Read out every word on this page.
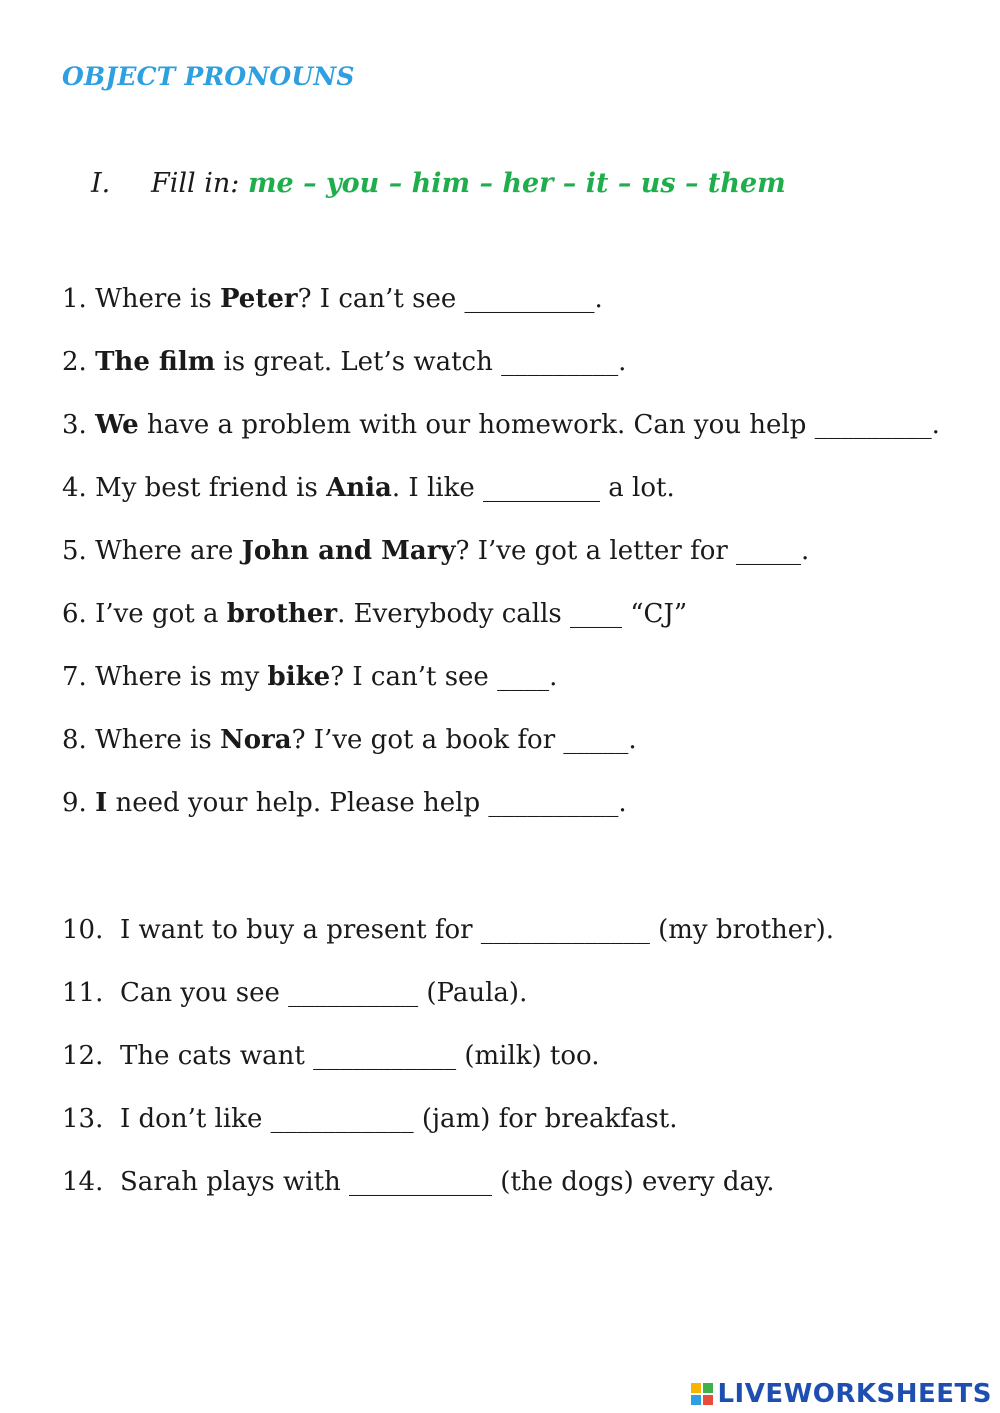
OBJECT PRONOUNS
I. Fill in: me – you – him – her – it – us – them
1. Where is Peter? I can’t see __________.
2. The film is great. Let’s watch _________.
3. We have a problem with our homework. Can you help _________.
4. My best friend is Ania. I like _________ a lot.
5. Where are John and Mary? I’ve got a letter for _____.
6. I’ve got a brother. Everybody calls ____ “CJ”
7. Where is my bike? I can’t see ____.
8. Where is Nora? I’ve got a book for _____.
9. I need your help. Please help __________.
10. I want to buy a present for _____________ (my brother).
11. Can you see __________ (Paula).
12. The cats want ___________ (milk) too.
13. I don’t like ___________ (jam) for breakfast.
14. Sarah plays with ___________ (the dogs) every day.
LIVEWORKSHEETS
